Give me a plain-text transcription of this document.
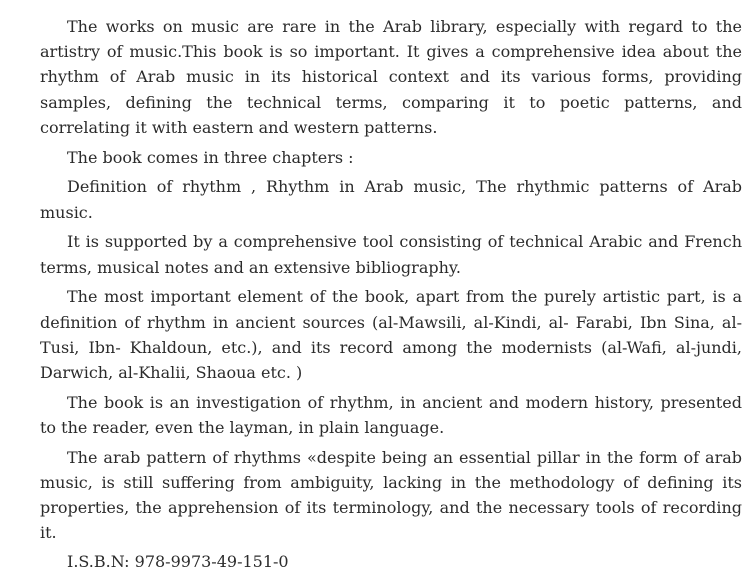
The works on music are rare in the Arab library, especially with regard to the artistry of music.This book is so important. It gives a comprehensive idea about the rhythm of Arab music in its historical context and its various forms, providing samples, defining the technical terms, comparing it to poetic patterns, and correlating it with eastern and western patterns.

The book comes in three chapters :

Definition of rhythm , Rhythm in Arab music, The rhythmic patterns of Arab music.

It is supported by a comprehensive tool consisting of technical Arabic and French terms, musical notes and an extensive bibliography.

The most important element of the book, apart from the purely artistic part, is a definition of rhythm in ancient sources (al-Mawsili, al-Kindi, al- Farabi, Ibn Sina, al-Tusi, Ibn- Khaldoun, etc.), and its record among the modernists (al-Wafi, al-jundi, Darwich, al-Khalii, Shaoua etc. )

The book is an investigation of rhythm, in ancient and modern history, presented to the reader, even the layman, in plain language.

The arab pattern of rhythms «despite being an essential pillar in the form of arab music, is still suffering from ambiguity, lacking in the methodology of defining its properties, the apprehension of its terminology, and the necessary tools of recording it.

I.S.B.N: 978-9973-49-151-0
